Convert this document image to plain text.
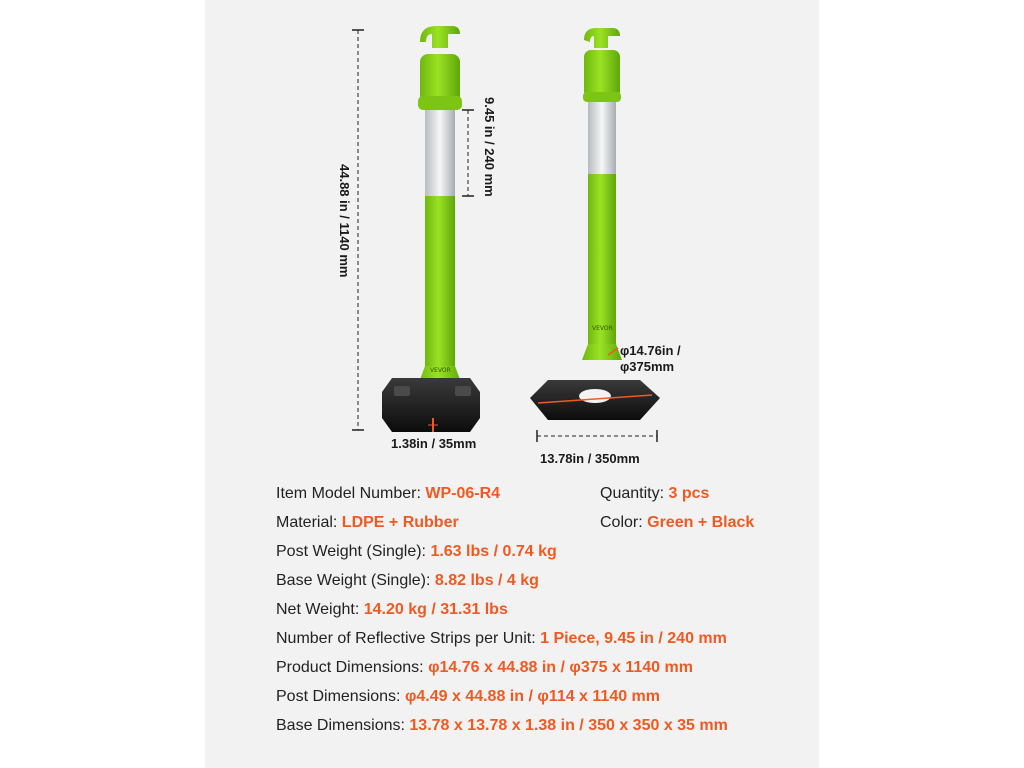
VEVOR
VEVOR
44.88 in / 1140 mm
9.45 in / 240 mm
1.38in / 35mm
13.78in / 350mm
φ14.76in /
φ375mm
Item Model Number: WP-06-R4	Quantity: 3 pcs
Material: LDPE + Rubber	Color: Green + Black
Post Weight (Single): 1.63 lbs / 0.74 kg
Base Weight (Single): 8.82 lbs / 4 kg
Net Weight: 14.20 kg / 31.31 lbs
Number of Reflective Strips per Unit: 1 Piece, 9.45 in / 240 mm
Product Dimensions: φ14.76 x 44.88 in / φ375 x 1140 mm
Post Dimensions: φ4.49 x 44.88 in / φ114 x 1140 mm
Base Dimensions: 13.78 x 13.78 x 1.38 in / 350 x 350 x 35 mm
